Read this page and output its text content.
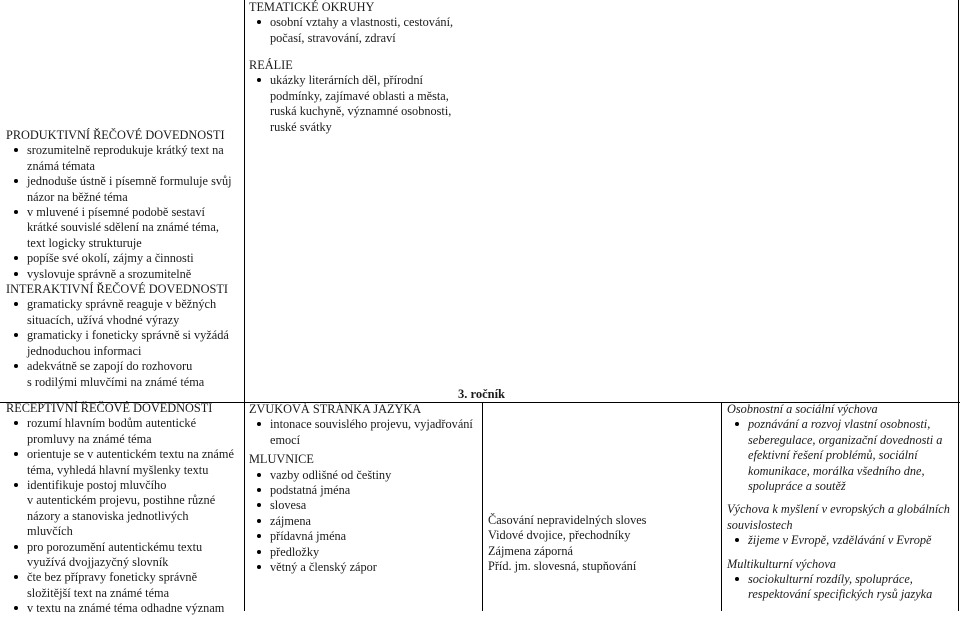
PRODUKTIVNÍ ŘEČOVÉ DOVEDNOSTI
srozumitelně reprodukuje krátký text na
známá témata
jednoduše ústně i písemně formuluje svůj
názor na běžné téma
v mluvené i písemné podobě sestaví
krátké souvislé sdělení na známé téma,
text logicky strukturuje
popíše své okolí, zájmy a činnosti
vyslovuje správně a srozumitelně
INTERAKTIVNÍ ŘEČOVÉ DOVEDNOSTI
gramaticky správně reaguje v běžných
situacích, užívá vhodné výrazy
gramaticky i foneticky správně si vyžádá
jednoduchou informaci
adekvátně se zapojí do rozhovoru
s rodilými mluvčími na známé téma
RECEPTIVNÍ ŘEČOVÉ DOVEDNOSTI
rozumí hlavním bodům autentické
promluvy na známé téma
orientuje se v autentickém textu na známé
téma, vyhledá hlavní myšlenky textu
identifikuje postoj mluvčího
v autentickém projevu, postihne různé
názory a stanoviska jednotlivých
mluvčích
pro porozumění autentickému textu
využívá dvojjazyčný slovník
čte bez přípravy foneticky správně
složitější text na známé téma
v textu na známé téma odhadne význam
TEMATICKÉ OKRUHY
osobní vztahy a vlastnosti, cestování,
počasí, stravování, zdraví
REÁLIE
ukázky literárních děl, přírodní
podmínky, zajímavé oblasti a města,
ruská kuchyně, významné osobnosti,
ruské svátky
3. ročník
ZVUKOVÁ STRÁNKA JAZYKA
intonace souvislého projevu, vyjadřování
emocí
MLUVNICE
vazby odlišné od češtiny
podstatná jména
slovesa
zájmena
přídavná jména
předložky
větný a členský zápor
Časování nepravidelných sloves
Vidové dvojice, přechodníky
Zájmena záporná
Příd. jm. slovesná, stupňování
Osobnostní a sociální výchova
poznávání a rozvoj vlastní osobnosti,
seberegulace, organizační dovednosti a
efektivní řešení problémů, sociální
komunikace, morálka všedního dne,
spolupráce a soutěž
Výchova k myšlení v evropských a globálních
souvislostech
žijeme v Evropě, vzdělávání v Evropě
Multikulturní výchova
sociokulturní rozdíly, spolupráce,
respektování specifických rysů jazyka
